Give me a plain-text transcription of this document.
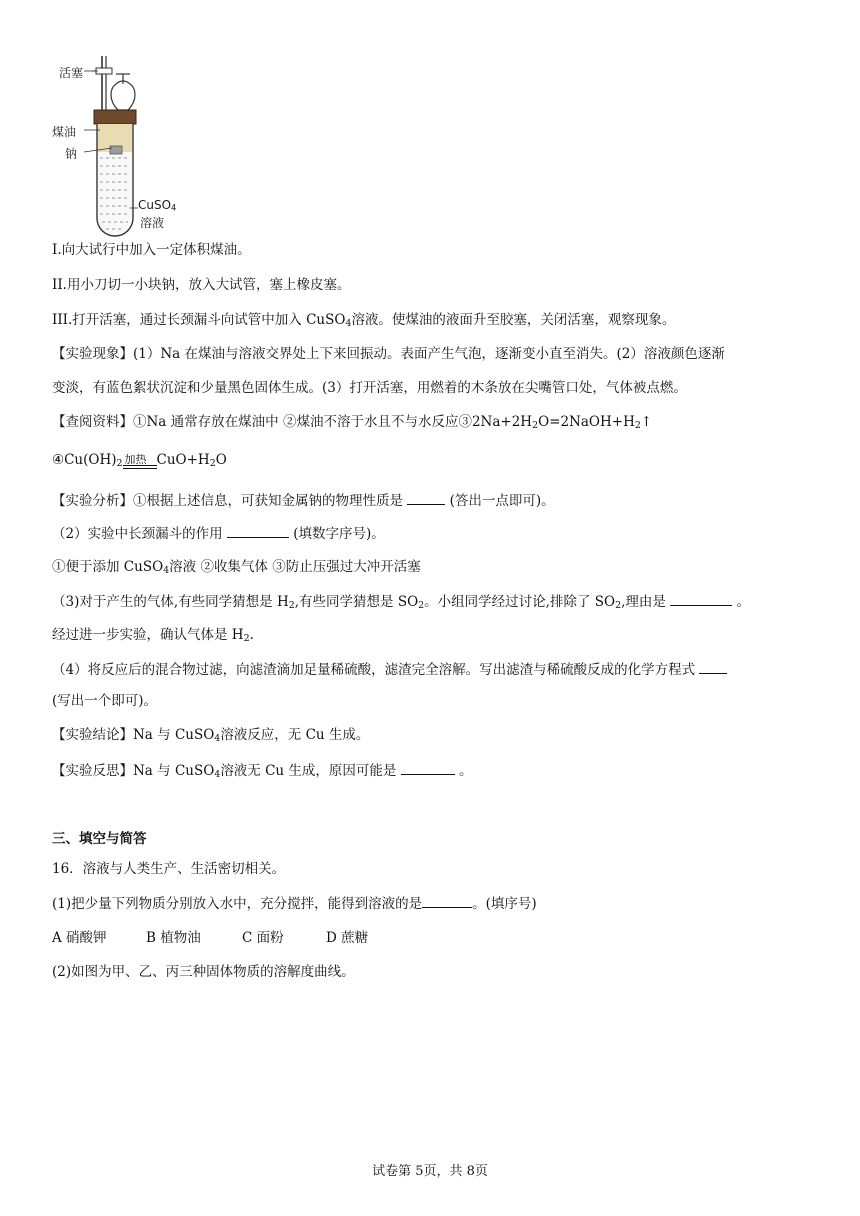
活塞
煤油
钠
CuSO4
溶液
I.向大试行中加入一定体积煤油。
II.用小刀切一小块钠，放入大试管，塞上橡皮塞。
III.打开活塞，通过长颈漏斗向试管中加入 CuSO$_4$溶液。使煤油的液面升至胶塞，关闭活塞，观察现象。
【实验现象】(1）Na 在煤油与溶液交界处上下来回振动。表面产生气泡，逐渐变小直至消失。(2）溶液颜色逐渐
变淡，有蓝色絮状沉淀和少量黑色固体生成。(3）打开活塞，用燃着的木条放在尖嘴管口处，气体被点燃。
【查阅资料】①Na 通常存放在煤油中 ②煤油不溶于水且不与水反应$③2Na+2H_2O=2NaOH+H_2↑$
$④Cu(OH)_2$ 加热 $CuO+H_2O$
【实验分析】①根据上述信息，可获知金属钠的物理性质是	(答出一点即可)。
（2）实验中长颈漏斗的作用	(填数字序号)。
①便于添加 CuSO$_4$溶液 ②收集气体 ③防止压强过大冲开活塞
（3)对于产生的气体,有些同学猜想是 $H_2$,有些同学猜想是 $SO_2$。小组同学经过讨论,排除了 $SO_2$,理由是	。
经过进一步实验，确认气体是 $H_2$.
（4）将反应后的混合物过滤，向滤渣滴加足量稀硫酸，滤渣完全溶解。写出滤渣与稀硫酸反成的化学方程式
(写出一个即可)。
【实验结论】Na 与 CuSO$_4$溶液反应，无 Cu 生成。
【实验反思】Na 与 CuSO$_4$溶液无 Cu 生成，原因可能是	。
三、填空与简答
16．溶液与人类生产、生活密切相关。
(1)把少量下列物质分别放入水中，充分搅拌，能得到溶液的是	。(填序号)
A 硝酸钾	B 植物油	C 面粉	D 蔗糖
(2)如图为甲、乙、丙三种固体物质的溶解度曲线。
试卷第 5页，共 8页
